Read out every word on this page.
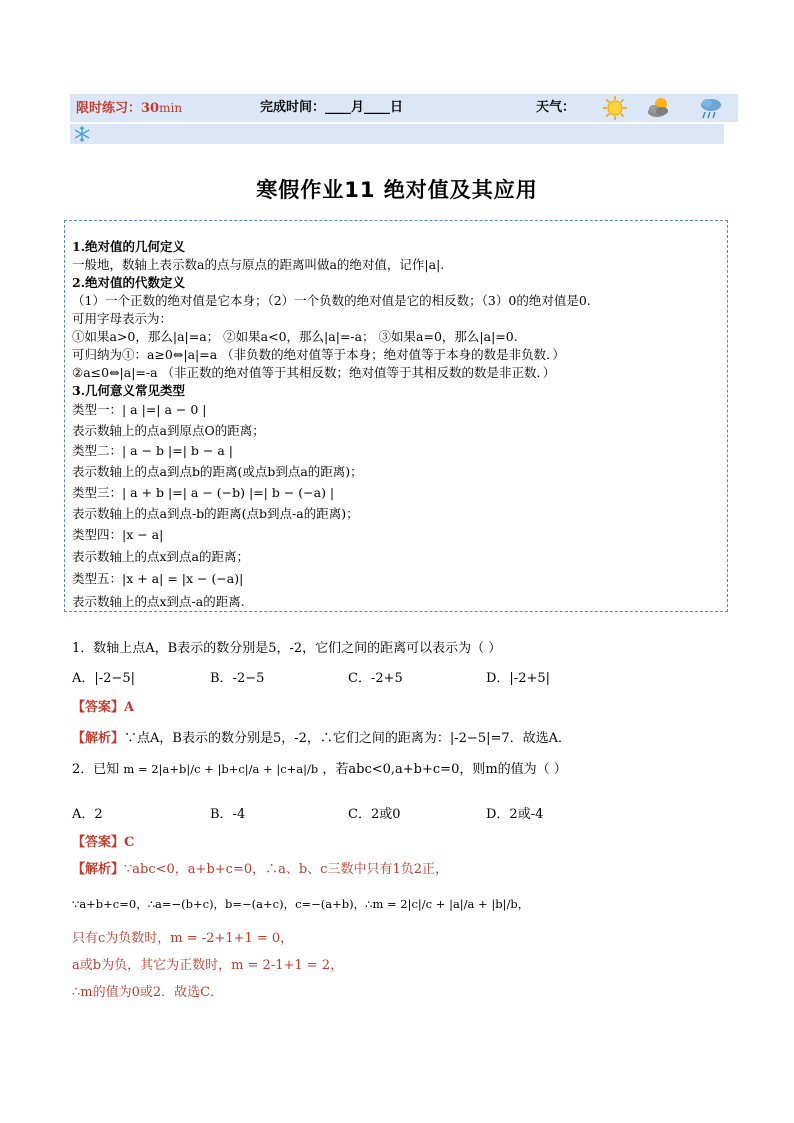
限时练习：30min	完成时间：____月____日	天气：
寒假作业11 绝对值及其应用
1.绝对值的几何定义
一般地，数轴上表示数a的点与原点的距离叫做a的绝对值，记作|a|.
2.绝对值的代数定义
（1）一个正数的绝对值是它本身；（2）一个负数的绝对值是它的相反数；（3）0的绝对值是0.
可用字母表示为：
①如果a>0，那么|a|=a； ②如果a<0，那么|a|=-a； ③如果a=0，那么|a|=0.
可归纳为①：a≥0⇔|a|=a （非负数的绝对值等于本身；绝对值等于本身的数是非负数．）
②a≤0⇔|a|=-a （非正数的绝对值等于其相反数；绝对值等于其相反数的数是非正数．）
3.几何意义常见类型
类型一：| a |=| a − 0 |
表示数轴上的点a到原点O的距离；
类型二：| a − b |=| b − a |
表示数轴上的点a到点b的距离(或点b到点a的距离)；
类型三：| a + b |=| a − (−b) |=| b − (−a) |
表示数轴上的点a到点-b的距离(点b到点-a的距离)；
类型四：|x − a|
表示数轴上的点x到点a的距离；
类型五：|x + a| = |x − (−a)|
表示数轴上的点x到点-a的距离.
1．数轴上点A，B表示的数分别是5，-2，它们之间的距离可以表示为（ ）
A．|-2−5|	B．-2−5	C．-2+5	D．|-2+5|
【答案】A
【解析】∵点A，B表示的数分别是5，-2，∴它们之间的距离为：|-2−5|=7．故选A．
2．已知 m = 2|a+b|/c + |b+c|/a + |c+a|/b ，若abc<0,a+b+c=0，则m的值为（ ）
A．2	B．-4	C．2或0	D．2或-4
【答案】C
【解析】∵abc<0，a+b+c=0，∴a、b、c三数中只有1负2正，
∵a+b+c=0，∴a=−(b+c)，b=−(a+c)，c=−(a+b)，∴m = 2|c|/c + |a|/a + |b|/b，
只有c为负数时，m = -2+1+1 = 0，
a或b为负，其它为正数时，m = 2-1+1 = 2，
∴m的值为0或2．故选C．
